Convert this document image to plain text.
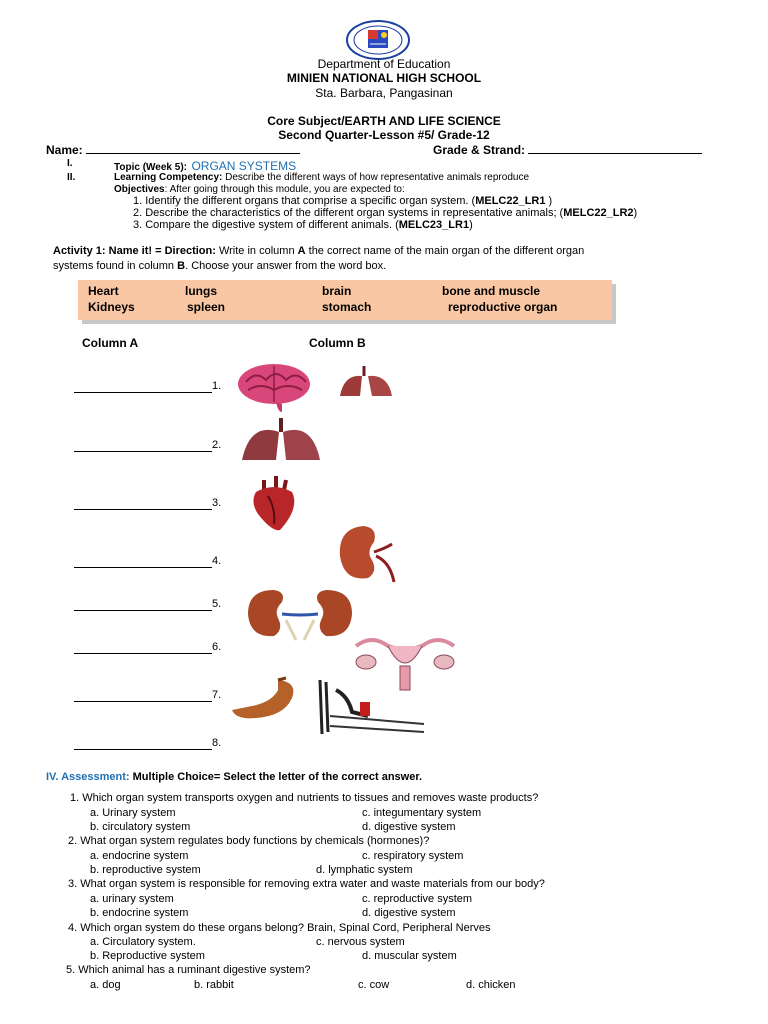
Department of Education
MINIEN NATIONAL HIGH SCHOOL
Sta. Barbara, Pangasinan
Core Subject/EARTH AND LIFE SCIENCE
Second Quarter-Lesson #5/ Grade-12
Name:	Grade & Strand:
I.	Topic (Week 5): ORGAN SYSTEMS
II.	Learning Competency: Describe the different ways of how representative animals reproduce
Objectives: After going through this module, you are expected to:
1. Identify the different organs that comprise a specific organ system. (MELC22_LR1 )
2. Describe the characteristics of the different organ systems in representative animals; (MELC22_LR2)
3. Compare the digestive system of different animals. (MELC23_LR1)
Activity 1: Name it! = Direction: Write in column A the correct name of the main organ of the different organ
systems found in column B. Choose your answer from the word box.
Heart	lungs	brain	bone and muscle
Kidneys	spleen	stomach	reproductive organ
Column A	Column B
1.
2.
3.
4.
5.
6.
7.
8.
IV. Assessment: Multiple Choice= Select the letter of the correct answer.
1. Which organ system transports oxygen and nutrients to tissues and removes waste products?
a. Urinary system	c. integumentary system
b. circulatory system	d. digestive system
2. What organ system regulates body functions by chemicals (hormones)?
a. endocrine system	c. respiratory system
b. reproductive system	d. lymphatic system
3. What organ system is responsible for removing extra water and waste materials from our body?
a. urinary system	c. reproductive system
b. endocrine system	d. digestive system
4. Which organ system do these organs belong? Brain, Spinal Cord, Peripheral Nerves
a. Circulatory system.	c. nervous system
b. Reproductive system	d. muscular system
5. Which animal has a ruminant digestive system?
a. dog	b. rabbit	c. cow	d. chicken
